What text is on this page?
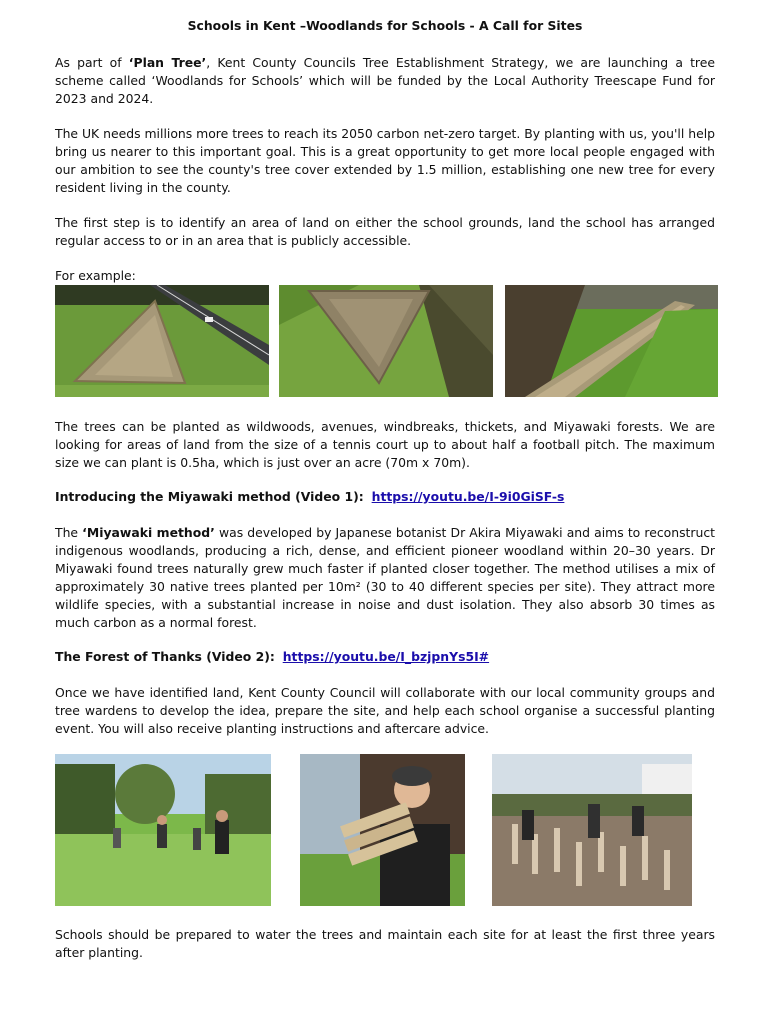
Schools in Kent –Woodlands for Schools - A Call for Sites

As part of ‘Plan Tree’, Kent County Councils Tree Establishment Strategy, we are launching a tree scheme called ‘Woodlands for Schools’ which will be funded by the Local Authority Treescape Fund for 2023 and 2024.

The UK needs millions more trees to reach its 2050 carbon net-zero target. By planting with us, you'll help bring us nearer to this important goal. This is a great opportunity to get more local people engaged with our ambition to see the county's tree cover extended by 1.5 million, establishing one new tree for every resident living in the county.

The first step is to identify an area of land on either the school grounds, land the school has arranged regular access to or in an area that is publicly accessible.

For example:

The trees can be planted as wildwoods, avenues, windbreaks, thickets, and Miyawaki forests. We are looking for areas of land from the size of a tennis court up to about half a football pitch. The maximum size we can plant is 0.5ha, which is just over an acre (70m x 70m).

Introducing the Miyawaki method (Video 1): https://youtu.be/I-9i0GiSF-s

The ‘Miyawaki method’ was developed by Japanese botanist Dr Akira Miyawaki and aims to reconstruct indigenous woodlands, producing a rich, dense, and efficient pioneer woodland within 20–30 years. Dr Miyawaki found trees naturally grew much faster if planted closer together. The method utilises a mix of approximately 30 native trees planted per 10m² (30 to 40 different species per site). They attract more wildlife species, with a substantial increase in noise and dust isolation. They also absorb 30 times as much carbon as a normal forest.

The Forest of Thanks (Video 2): https://youtu.be/I_bzjpnYs5I#

Once we have identified land, Kent County Council will collaborate with our local community groups and tree wardens to develop the idea, prepare the site, and help each school organise a successful planting event. You will also receive planting instructions and aftercare advice.

Schools should be prepared to water the trees and maintain each site for at least the first three years after planting.
